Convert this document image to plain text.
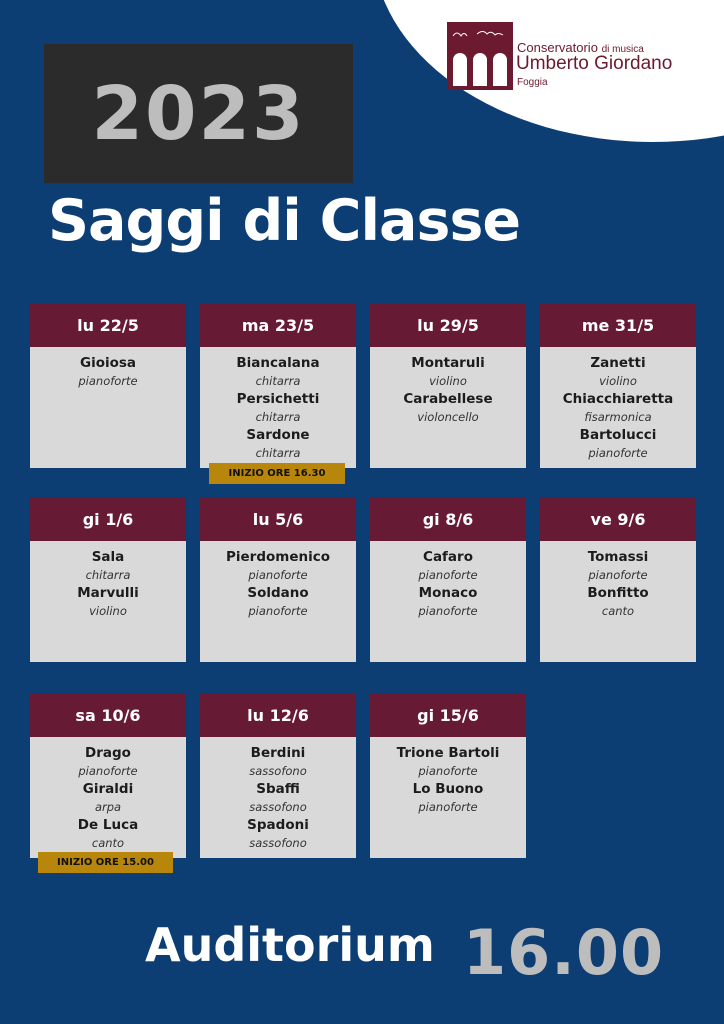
Conservatorio di musica
Umberto Giordano
Foggia
2023
Saggi di Classe
lu 22/5
Gioiosa
pianoforte
ma 23/5
Biancalana
chitarra
Persichetti
chitarra
Sardone
chitarra
INIZIO ORE 16.30
lu 29/5
Montaruli
violino
Carabellese
violoncello
me 31/5
Zanetti
violino
Chiacchiaretta
fisarmonica
Bartolucci
pianoforte
gi 1/6
Sala
chitarra
Marvulli
violino
lu 5/6
Pierdomenico
pianoforte
Soldano
pianoforte
gi 8/6
Cafaro
pianoforte
Monaco
pianoforte
ve 9/6
Tomassi
pianoforte
Bonfitto
canto
sa 10/6
Drago
pianoforte
Giraldi
arpa
De Luca
canto
INIZIO ORE 15.00
lu 12/6
Berdini
sassofono
Sbaffi
sassofono
Spadoni
sassofono
gi 15/6
Trione Bartoli
pianoforte
Lo Buono
pianoforte
Auditorium 16.00
